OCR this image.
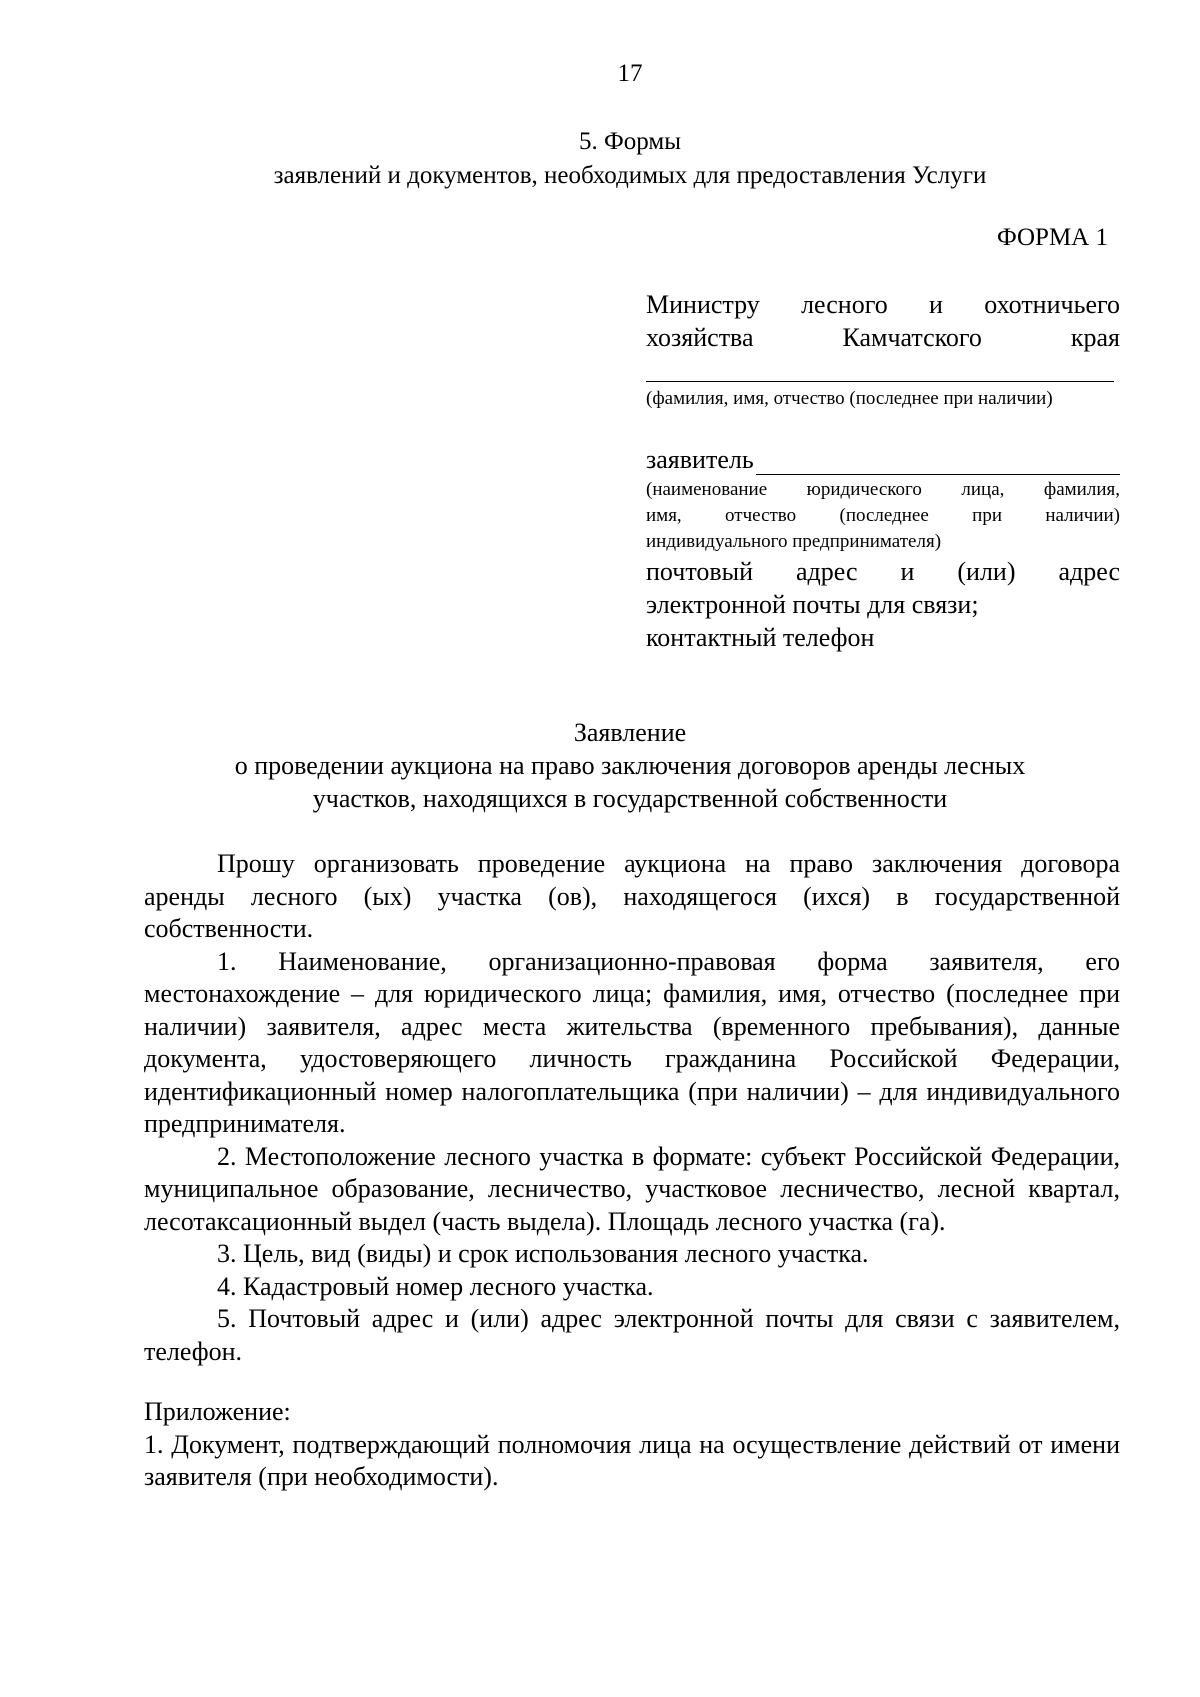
17
5. Формы
заявлений и документов, необходимых для предоставления Услуги
ФОРМА 1
Министру лесного и охотничьего
хозяйства Камчатского края
(фамилия, имя, отчество (последнее при наличии)
заявитель
(наименование юридического лица, фамилия,
имя, отчество (последнее при наличии)
индивидуального предпринимателя)
почтовый адрес и (или) адрес
электронной почты для связи;
контактный телефон
Заявление
о проведении аукциона на право заключения договоров аренды лесных
участков, находящихся в государственной собственности

Прошу организовать проведение аукциона на право заключения договора аренды лесного (ых) участка (ов), находящегося (ихся) в государственной собственности.

1. Наименование, организационно-правовая форма заявителя, его местонахождение – для юридического лица; фамилия, имя, отчество (последнее при наличии) заявителя, адрес места жительства (временного пребывания), данные документа, удостоверяющего личность гражданина Российской Федерации, идентификационный номер налогоплательщика (при наличии) – для индивидуального предпринимателя.

2. Местоположение лесного участка в формате: субъект Российской Федерации, муниципальное образование, лесничество, участковое лесничество, лесной квартал, лесотаксационный выдел (часть выдела). Площадь лесного участка (га).

3. Цель, вид (виды) и срок использования лесного участка.

4. Кадастровый номер лесного участка.

5. Почтовый адрес и (или) адрес электронной почты для связи с заявителем, телефон.

Приложение:

1. Документ, подтверждающий полномочия лица на осуществление действий от имени заявителя (при необходимости).
